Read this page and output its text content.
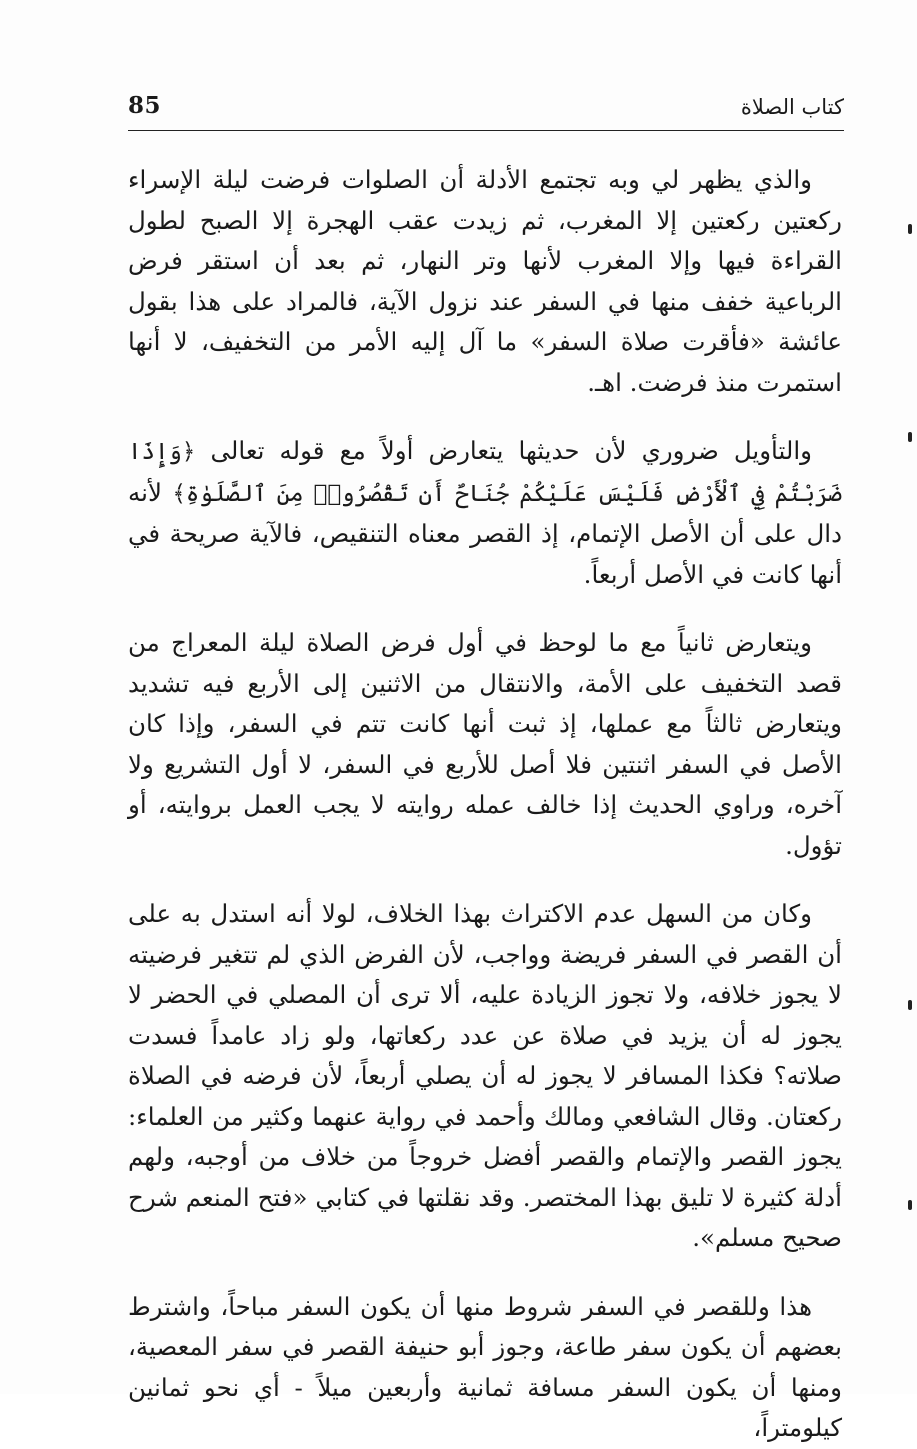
85	كتاب الصلاة

والذي يظهر لي وبه تجتمع الأدلة أن الصلوات فرضت ليلة الإسراء ركعتين ركعتين إلا المغرب، ثم زيدت عقب الهجرة إلا الصبح لطول القراءة فيها وإلا المغرب لأنها وتر النهار، ثم بعد أن استقر فرض الرباعية خفف منها في السفر عند نزول الآية، فالمراد على هذا بقول عائشة «فأقرت صلاة السفر» ما آل إليه الأمر من التخفيف، لا أنها استمرت منذ فرضت. اهـ.

والتأويل ضروري لأن حديثها يتعارض أولاً مع قوله تعالى ﴿وَإِذَا ضَرَبْتُمْ فِي ٱلْأَرْضِ فَلَيْسَ عَلَيْكُمْ جُنَاحٌ أَن تَقْصُرُوا۟ مِنَ ٱلصَّلَوٰةِ﴾ لأنه دال على أن الأصل الإتمام، إذ القصر معناه التنقيص، فالآية صريحة في أنها كانت في الأصل أربعاً.

ويتعارض ثانياً مع ما لوحظ في أول فرض الصلاة ليلة المعراج من قصد التخفيف على الأمة، والانتقال من الاثنين إلى الأربع فيه تشديد ويتعارض ثالثاً مع عملها، إذ ثبت أنها كانت تتم في السفر، وإذا كان الأصل في السفر اثنتين فلا أصل للأربع في السفر، لا أول التشريع ولا آخره، وراوي الحديث إذا خالف عمله روايته لا يجب العمل بروايته، أو تؤول.

وكان من السهل عدم الاكتراث بهذا الخلاف، لولا أنه استدل به على أن القصر في السفر فريضة وواجب، لأن الفرض الذي لم تتغير فرضيته لا يجوز خلافه، ولا تجوز الزيادة عليه، ألا ترى أن المصلي في الحضر لا يجوز له أن يزيد في صلاة عن عدد ركعاتها، ولو زاد عامداً فسدت صلاته؟ فكذا المسافر لا يجوز له أن يصلي أربعاً، لأن فرضه في الصلاة ركعتان. وقال الشافعي ومالك وأحمد في رواية عنهما وكثير من العلماء: يجوز القصر والإتمام والقصر أفضل خروجاً من خلاف من أوجبه، ولهم أدلة كثيرة لا تليق بهذا المختصر. وقد نقلتها في كتابي «فتح المنعم شرح صحيح مسلم».

هذا وللقصر في السفر شروط منها أن يكون السفر مباحاً، واشترط بعضهم أن يكون سفر طاعة، وجوز أبو حنيفة القصر في سفر المعصية، ومنها أن يكون السفر مسافة ثمانية وأربعين ميلاً - أي نحو ثمانين كيلومتراً،
